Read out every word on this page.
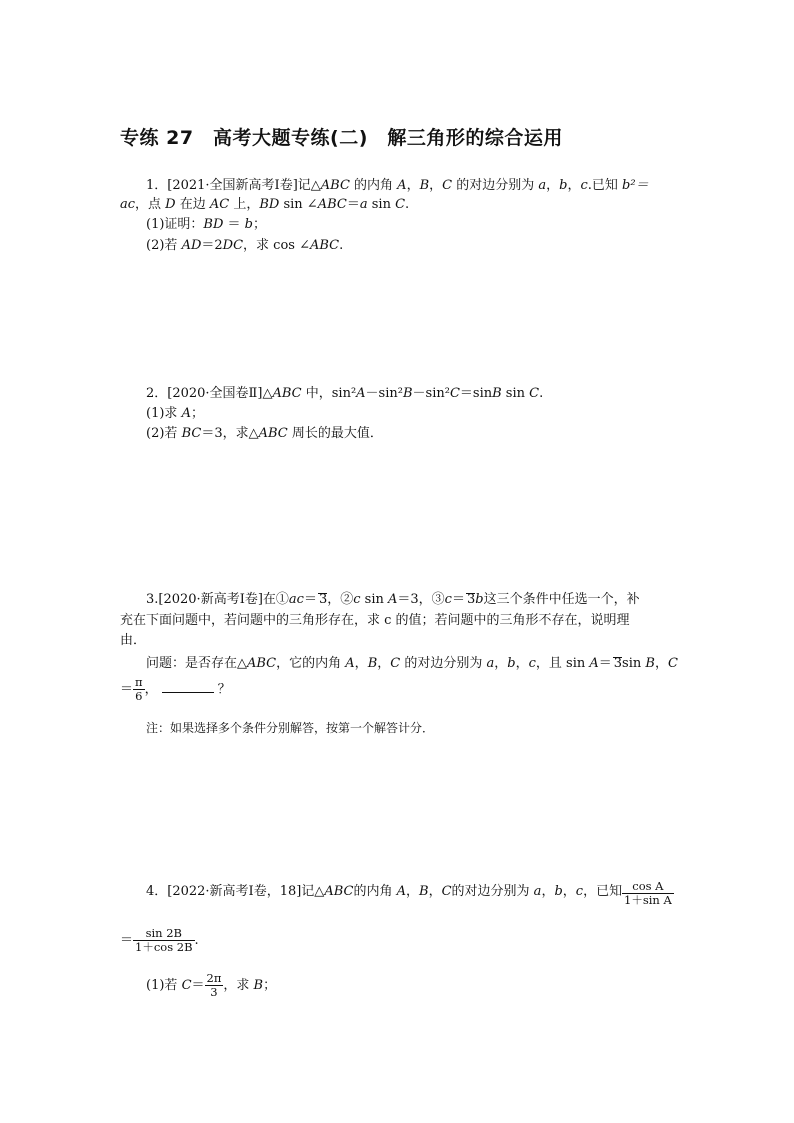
专练 27　高考大题专练(二)　解三角形的综合运用
1．[2021·全国新高考Ⅰ卷]记△ABC 的内角 A，B，C 的对边分别为 a，b，c.已知 b²＝
ac，点 D 在边 AC 上，BD sin ∠ABC＝a sin C.
(1)证明：BD ＝ b；
(2)若 AD＝2DC，求 cos ∠ABC.
2．[2020·全国卷Ⅱ]△ABC 中，sin²A－sin²B－sin²C＝sinB sin C.
(1)求 A；
(2)若 BC＝3，求△ABC 周长的最大值．
3.[2020·新高考Ⅰ卷]在①ac＝ 3，②c sin A＝3，③c＝ 3b这三个条件中任选一个，补
充在下面问题中，若问题中的三角形存在，求 c 的值；若问题中的三角形不存在，说明理
由．
问题：是否存在△ABC，它的内角 A，B，C 的对边分别为 a，b，c，且 sin A＝ 3sin B，C
＝ $\frac{\pi}{6}$ ，	？
注：如果选择多个条件分别解答，按第一个解答计分．
4．[2022·新高考Ⅰ卷，18]记△ABC的内角 A，B，C的对边分别为 a，b，c，已知 $\frac{\text{cos A}}{\text{1＋sin A}}$
＝ $\frac{\sin 2B}{1+\cos 2B}$ .
(1)若 $C= \frac{2\pi}{3}$ ，求 B；
